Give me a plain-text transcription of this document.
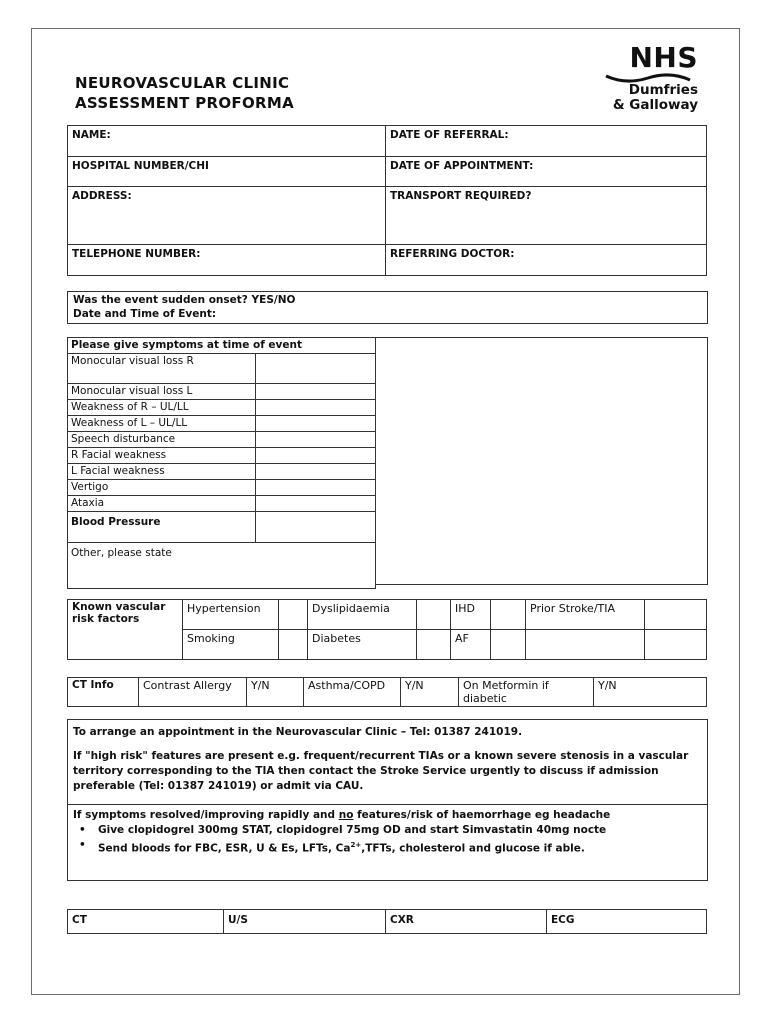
NEUROVASCULAR CLINIC
ASSESSMENT PROFORMA
NHS
Dumfries
& Galloway
NAME:	DATE OF REFERRAL:
HOSPITAL NUMBER/CHI	DATE OF APPOINTMENT:
ADDRESS:	TRANSPORT REQUIRED?
TELEPHONE NUMBER:	REFERRING DOCTOR:
Was the event sudden onset? YES/NO
Date and Time of Event:
Please give symptoms at time of event	
Monocular visual loss R	
Monocular visual loss L	
Weakness of R – UL/LL	
Weakness of L – UL/LL	
Speech disturbance	
R Facial weakness	
L Facial weakness	
Vertigo	
Ataxia	
Blood Pressure	
Other, please state	
Known vascular risk factors	Hypertension		Dyslipidaemia		IHD		Prior Stroke/TIA	
	Smoking		Diabetes		AF			
CT Info	Contrast Allergy	Y/N	Asthma/COPD	Y/N	On Metformin if diabetic	Y/N
To arrange an appointment in the Neurovascular Clinic – Tel: 01387 241019.
If "high risk" features are present e.g. frequent/recurrent TIAs or a known severe stenosis in a vascular territory corresponding to the TIA then contact the Stroke Service urgently to discuss if admission preferable (Tel: 01387 241019) or admit via CAU.
If symptoms resolved/improving rapidly and no features/risk of haemorrhage eg headache
• Give clopidogrel 300mg STAT, clopidogrel 75mg OD and start Simvastatin 40mg nocte
• Send bloods for FBC, ESR, U & Es, LFTs, $Ca^{2+},TFTs$, cholesterol and glucose if able.
CT	U/S	CXR	ECG
